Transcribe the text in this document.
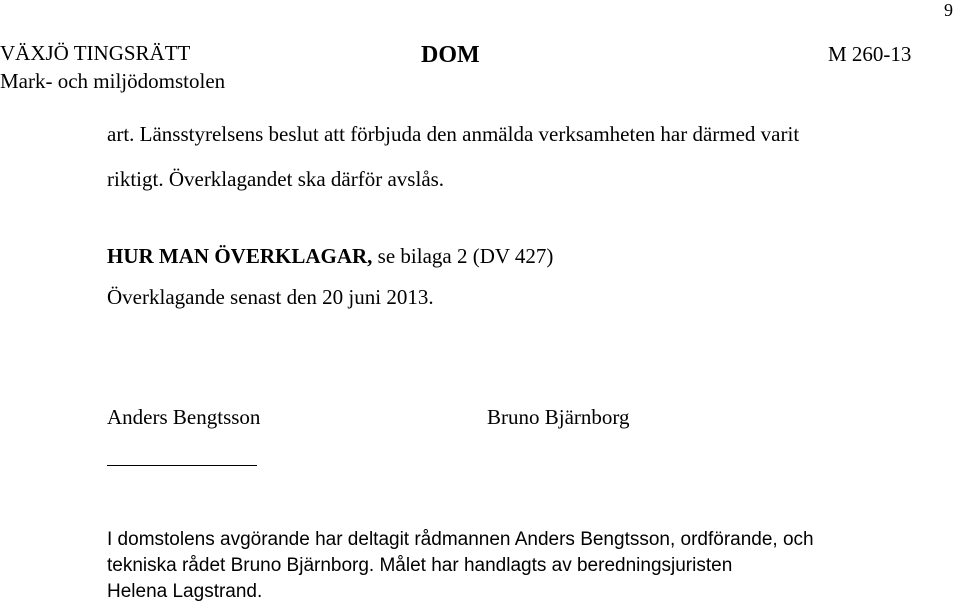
9
VÄXJÖ TINGSRÄTT
Mark- och miljödomstolen
DOM	M 260-13
art. Länsstyrelsens beslut att förbjuda den anmälda verksamheten har därmed varit
riktigt. Överklagandet ska därför avslås.
HUR MAN ÖVERKLAGAR, se bilaga 2 (DV 427)
Överklagande senast den 20 juni 2013.
Anders Bengtsson	Bruno Bjärnborg
I domstolens avgörande har deltagit rådmannen Anders Bengtsson, ordförande, och
tekniska rådet Bruno Bjärnborg. Målet har handlagts av beredningsjuristen
Helena Lagstrand.
